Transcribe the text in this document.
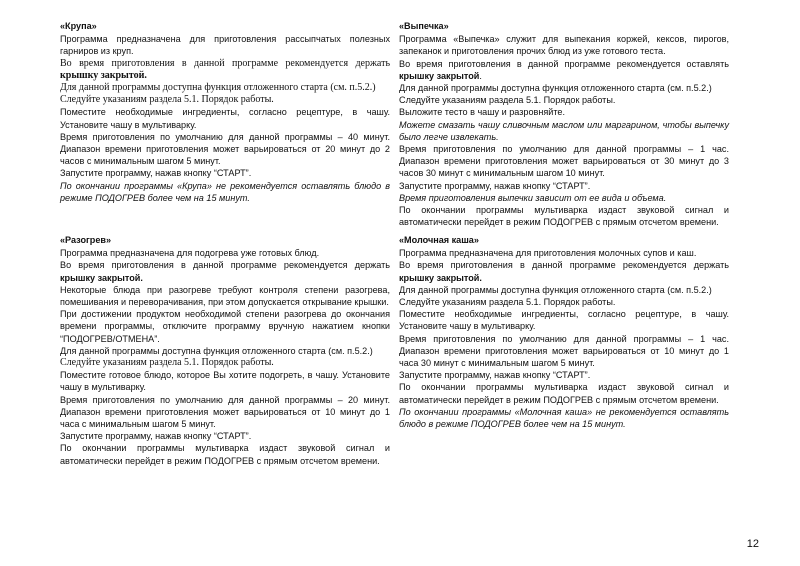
«Крупа»

Программа предназначена для приготовления рассыпчатых полезных гарниров из круп.

Во время приготовления в данной программе рекомендуется держать крышку закрытой.

Для данной программы доступна функция отложенного старта (см. п.5.2.)

Следуйте указаниям раздела 5.1. Порядок работы.

Поместите необходимые ингредиенты, согласно рецептуре, в чашу. Установите чашу в мультиварку.

Время приготовления по умолчанию для данной программы – 40 минут. Диапазон времени приготовления может варьироваться от 20 минут до 2 часов с минимальным шагом 5 минут.

Запустите программу, нажав кнопку “СТАРТ”.

По окончании программы «Крупа» не рекомендуется оставлять блюдо в режиме ПОДОГРЕВ более чем на 15 минут.

«Разогрев»

Программа предназначена для подогрева уже готовых блюд.

Во время приготовления в данной программе рекомендуется держать крышку закрытой.

Некоторые блюда при разогреве требуют контроля степени разогрева, помешивания и переворачивания, при этом допускается открывание крышки.

При достижении продуктом необходимой степени разогрева до окончания времени программы, отключите программу вручную нажатием кнопки “ПОДОГРЕВ/ОТМЕНА”.

Для данной программы доступна функция отложенного старта (см. п.5.2.)

Следуйте указаниям раздела 5.1. Порядок работы.

Поместите готовое блюдо, которое Вы хотите подогреть, в чашу. Установите чашу в мультиварку.

Время приготовления по умолчанию для данной программы – 20 минут. Диапазон времени приготовления может варьироваться от 10 минут до 1 часа с минимальным шагом 5 минут.

Запустите программу, нажав кнопку “СТАРТ”.

По окончании программы мультиварка издаст звуковой сигнал и автоматически перейдет в режим ПОДОГРЕВ с прямым отсчетом времени.

«Выпечка»

Программа «Выпечка» служит для выпекания коржей, кексов, пирогов, запеканок и приготовления прочих блюд из уже готового теста.

Во время приготовления в данной программе рекомендуется оставлять крышку закрытой.

Для данной программы доступна функция отложенного старта (см. п.5.2.)

Следуйте указаниям раздела 5.1. Порядок работы.

Выложите тесто в чашу и разровняйте.

Можете смазать чашу сливочным маслом или маргарином, чтобы выпечку было легче извлекать.

Время приготовления по умолчанию для данной программы – 1 час. Диапазон времени приготовления может варьироваться от 30 минут до 3 часов 30 минут с минимальным шагом 10 минут.

Запустите программу, нажав кнопку “СТАРТ”.

Время приготовления выпечки зависит от ее вида и объема.

По окончании программы мультиварка издаст звуковой сигнал и автоматически перейдет в режим ПОДОГРЕВ с прямым отсчетом времени.

«Молочная каша»

Программа предназначена для приготовления молочных супов и каш.

Во время приготовления в данной программе рекомендуется держать крышку закрытой.

Для данной программы доступна функция отложенного старта (см. п.5.2.)

Следуйте указаниям раздела 5.1. Порядок работы.

Поместите необходимые ингредиенты, согласно рецептуре, в чашу. Установите чашу в мультиварку.

Время приготовления по умолчанию для данной программы – 1 час. Диапазон времени приготовления может варьироваться от 10 минут до 1 часа 30 минут с минимальным шагом 5 минут.

Запустите программу, нажав кнопку “СТАРТ”.

По окончании программы мультиварка издаст звуковой сигнал и автоматически перейдет в режим ПОДОГРЕВ с прямым отсчетом времени.

По окончании программы «Молочная каша» не рекомендуется оставлять блюдо в режиме ПОДОГРЕВ более чем на 15 минут.

12
